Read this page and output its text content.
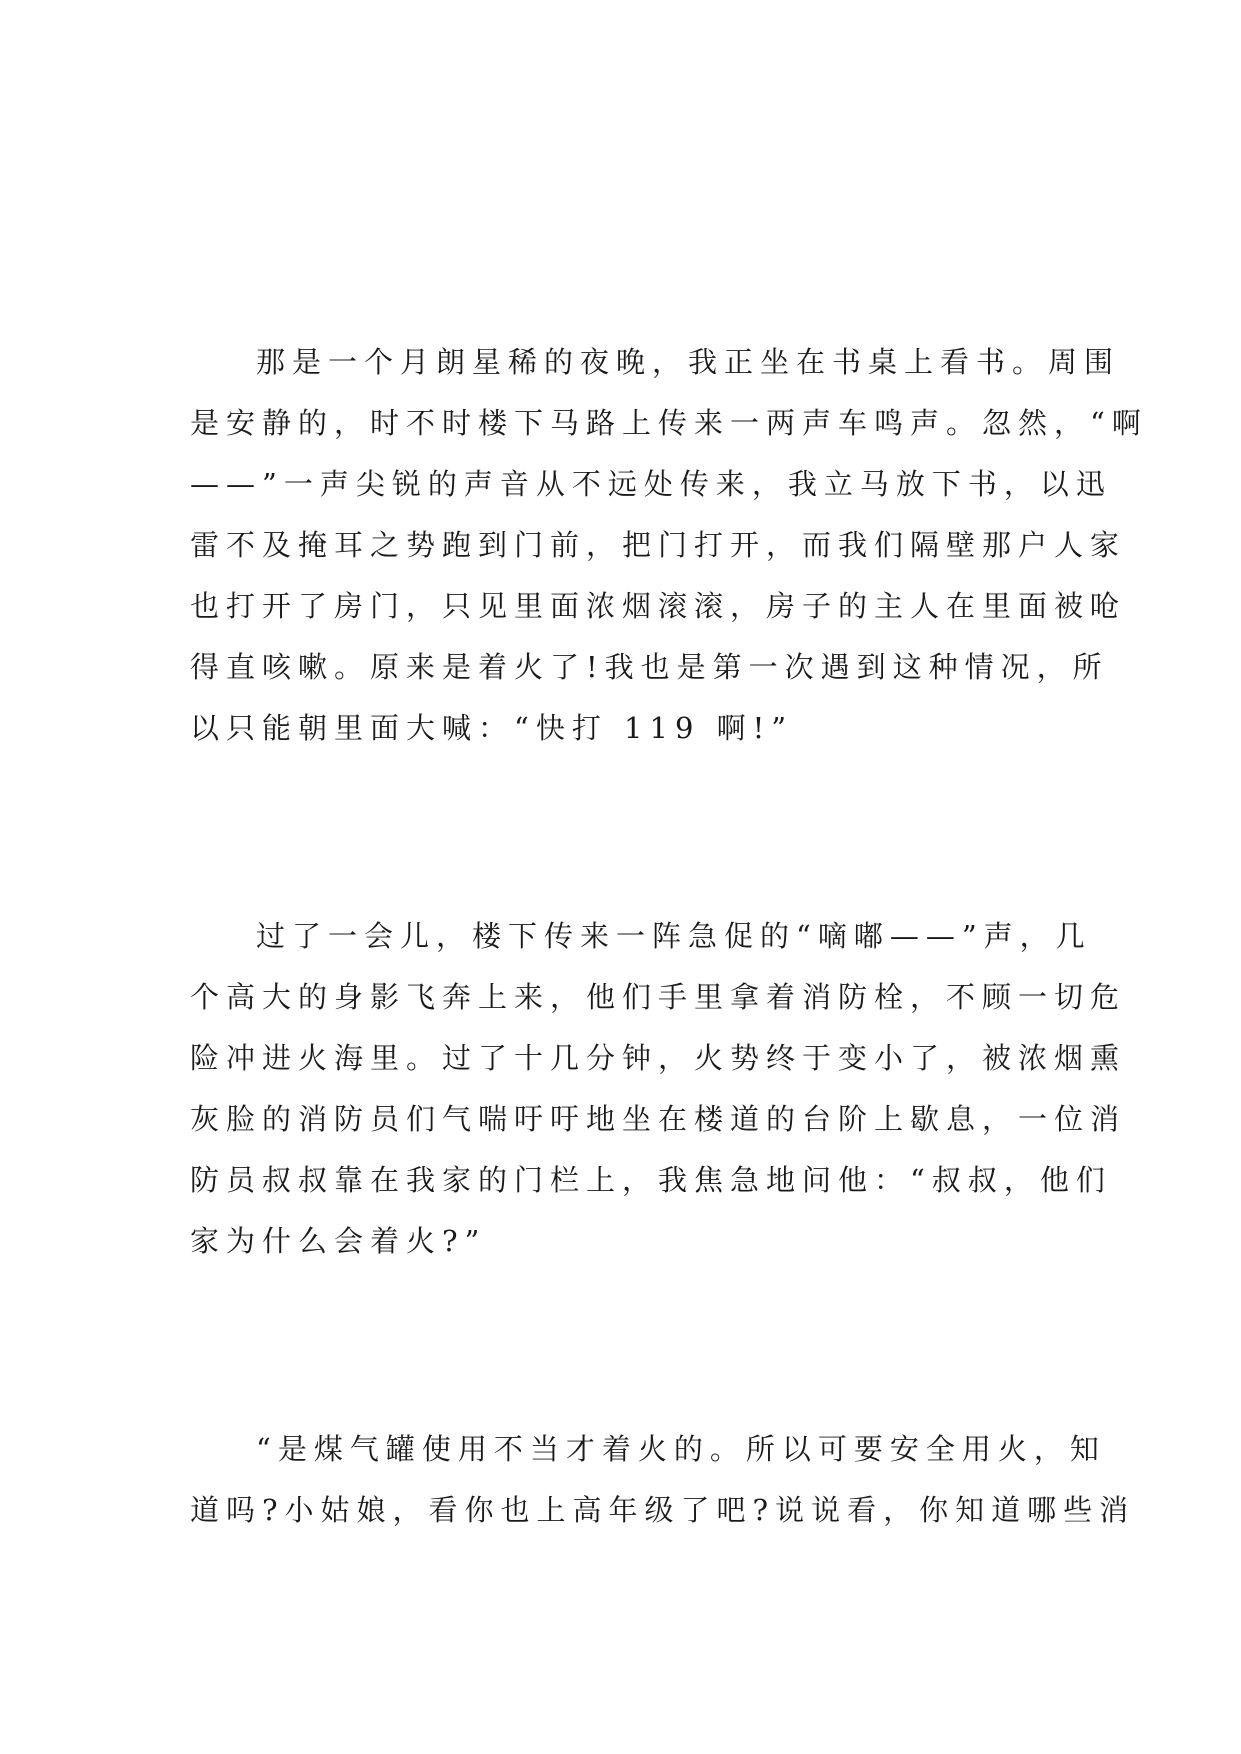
那是一个月朗星稀的夜晚，我正坐在书桌上看书。周围
是安静的，时不时楼下马路上传来一两声车鸣声。忽然，“啊
——”一声尖锐的声音从不远处传来，我立马放下书，以迅
雷不及掩耳之势跑到门前，把门打开，而我们隔壁那户人家
也打开了房门，只见里面浓烟滚滚，房子的主人在里面被呛
得直咳嗽。原来是着火了!我也是第一次遇到这种情况，所
以只能朝里面大喊：“快打 119 啊!”
过了一会儿，楼下传来一阵急促的“嘀嘟——”声，几
个高大的身影飞奔上来，他们手里拿着消防栓，不顾一切危
险冲进火海里。过了十几分钟，火势终于变小了，被浓烟熏
灰脸的消防员们气喘吁吁地坐在楼道的台阶上歇息，一位消
防员叔叔靠在我家的门栏上，我焦急地问他：“叔叔，他们
家为什么会着火?”
“是煤气罐使用不当才着火的。所以可要安全用火，知
道吗?小姑娘，看你也上高年级了吧?说说看，你知道哪些消
